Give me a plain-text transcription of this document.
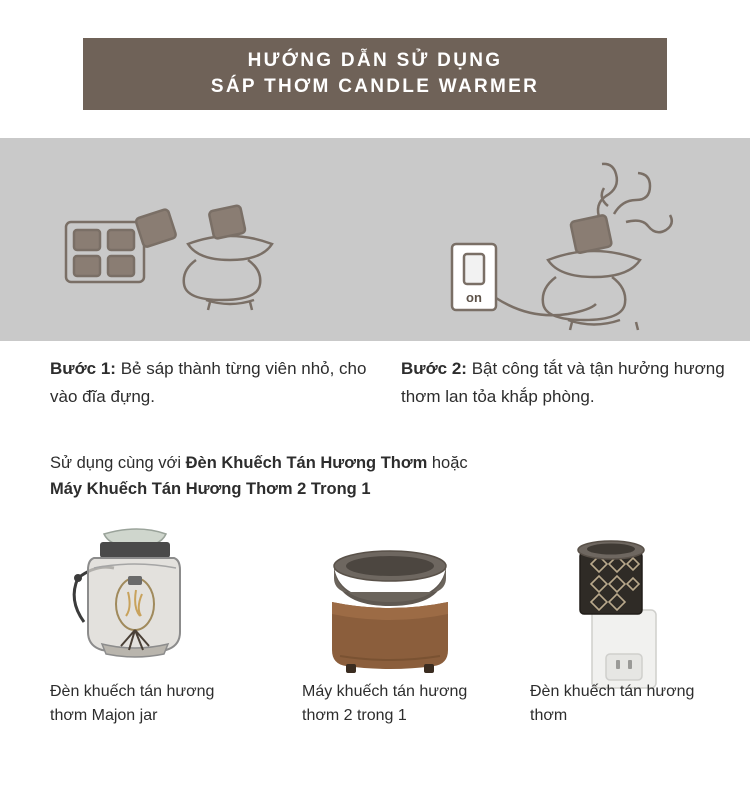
HƯỚNG DẪN SỬ DỤNG
SÁP THƠM CANDLE WARMER
on
Bước 1: Bẻ sáp thành từng viên nhỏ, cho vào đĩa đựng.
Bước 2: Bật công tắt và tận hưởng hương thơm lan tỏa khắp phòng.
Sử dụng cùng với Đèn Khuếch Tán Hương Thơm hoặc
Máy Khuếch Tán Hương Thơm 2 Trong 1
Đèn khuếch tán hương thơm Majon jar
Máy khuếch tán hương thơm 2 trong 1
Đèn khuếch tán hương thơm
